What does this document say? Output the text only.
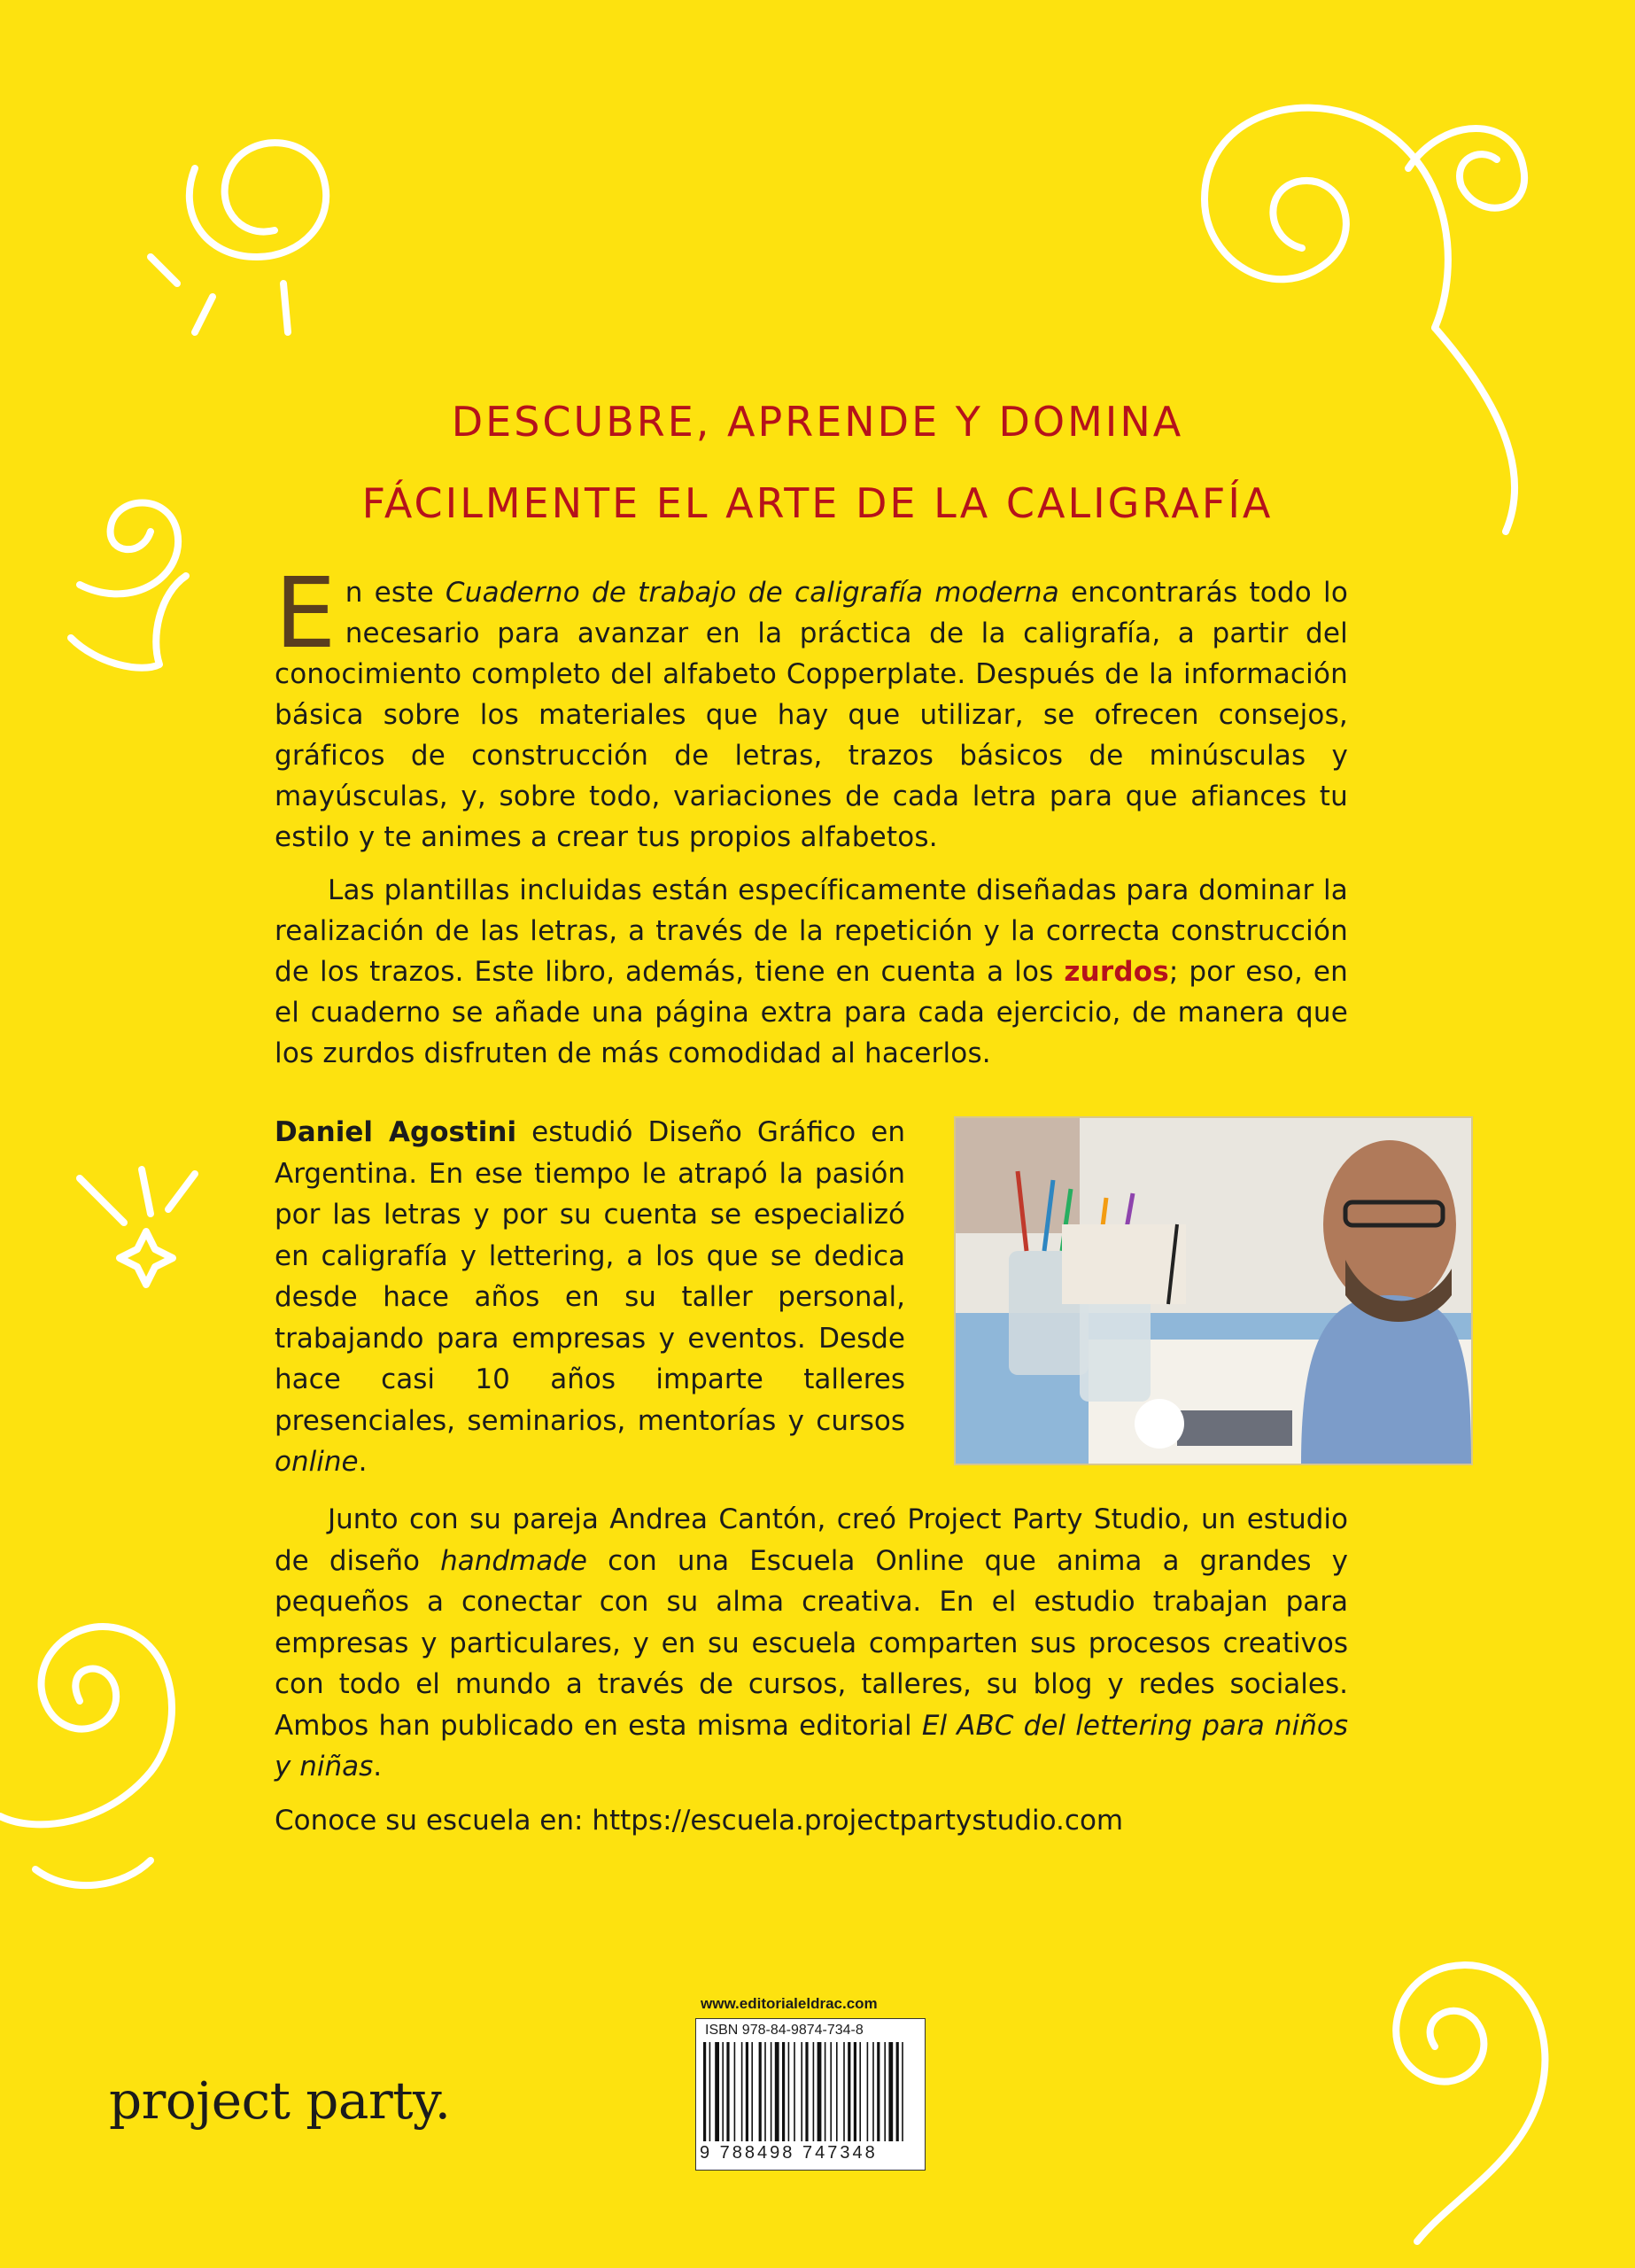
DESCUBRE, APRENDE Y DOMINA
FÁCILMENTE EL ARTE DE LA CALIGRAFÍA

En este Cuaderno de trabajo de caligrafía moderna encontrarás todo lo necesario para avanzar en la práctica de la caligrafía, a partir del conocimiento completo del alfabeto Copperplate. Después de la información básica sobre los materiales que hay que utilizar, se ofrecen consejos, gráficos de construcción de letras, trazos básicos de minúsculas y mayúsculas, y, sobre todo, variaciones de cada letra para que afiances tu estilo y te animes a crear tus propios alfabetos.

Las plantillas incluidas están específicamente diseñadas para dominar la realización de las letras, a través de la repetición y la correcta construcción de los trazos. Este libro, además, tiene en cuenta a los zurdos; por eso, en el cuaderno se añade una página extra para cada ejercicio, de manera que los zurdos disfruten de más comodidad al hacerlos.

Daniel Agostini estudió Diseño Gráfico en Argentina. En ese tiempo le atrapó la pasión por las letras y por su cuenta se especializó en caligrafía y lettering, a los que se dedica desde hace años en su taller personal, trabajando para empresas y eventos. Desde hace casi 10 años imparte talleres presenciales, seminarios, mentorías y cursos online.

Junto con su pareja Andrea Cantón, creó Project Party Studio, un estudio de diseño handmade con una Escuela Online que anima a grandes y pequeños a conectar con su alma creativa. En el estudio trabajan para empresas y particulares, y en su escuela comparten sus procesos creativos con todo el mundo a través de cursos, talleres, su blog y redes sociales. Ambos han publicado en esta misma editorial El ABC del lettering para niños y niñas.

Conoce su escuela en: https://escuela.projectpartystudio.com
www.editorialeldrac.com
ISBN 978-84-9874-734-8
9 788498 747348
project party.
